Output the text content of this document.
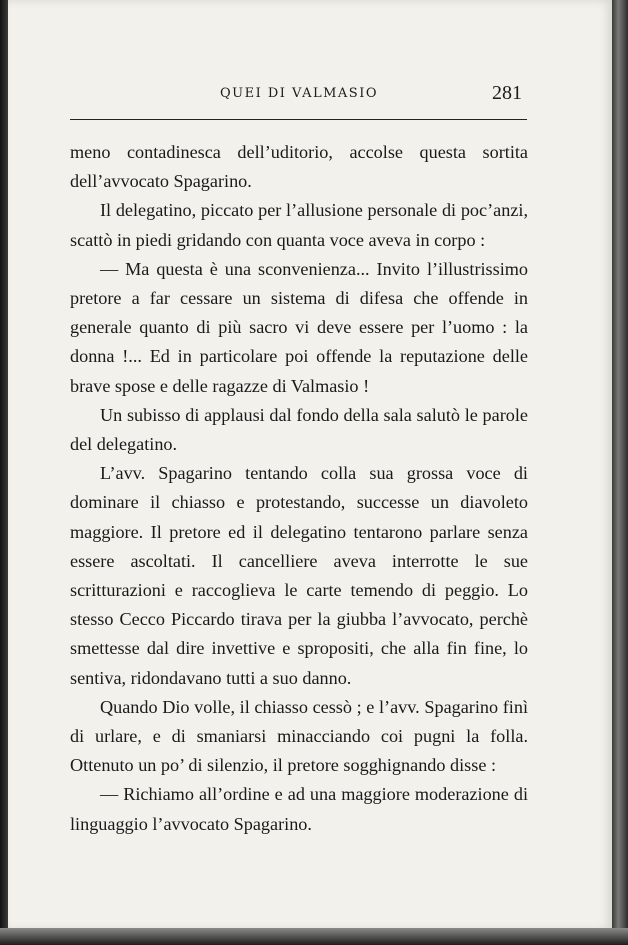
QUEI DI VALMASIO	281

meno contadinesca dell’uditorio, accolse questa sortita dell’avvocato Spagarino.

Il delegatino, piccato per l’allusione personale di poc’anzi, scattò in piedi gridando con quanta voce aveva in corpo :

— Ma questa è una sconvenienza... Invito l’illustrissimo pretore a far cessare un sistema di difesa che offende in generale quanto di più sacro vi deve essere per l’uomo : la donna !... Ed in particolare poi offende la reputazione delle brave spose e delle ragazze di Valmasio !

Un subisso di applausi dal fondo della sala salutò le parole del delegatino.

L’avv. Spagarino tentando colla sua grossa voce di dominare il chiasso e protestando, successe un diavoleto maggiore. Il pretore ed il delegatino tentarono parlare senza essere ascoltati. Il cancelliere aveva interrotte le sue scritturazioni e raccoglieva le carte temendo di peggio. Lo stesso Cecco Piccardo tirava per la giubba l’avvocato, perchè smettesse dal dire invettive e spropositi, che alla fin fine, lo sentiva, ridondavano tutti a suo danno.

Quando Dio volle, il chiasso cessò ; e l’avv. Spagarino finì di urlare, e di smaniarsi minacciando coi pugni la folla. Ottenuto un po’ di silenzio, il pretore sogghignando disse :

— Richiamo all’ordine e ad una maggiore moderazione di linguaggio l’avvocato Spagarino.
